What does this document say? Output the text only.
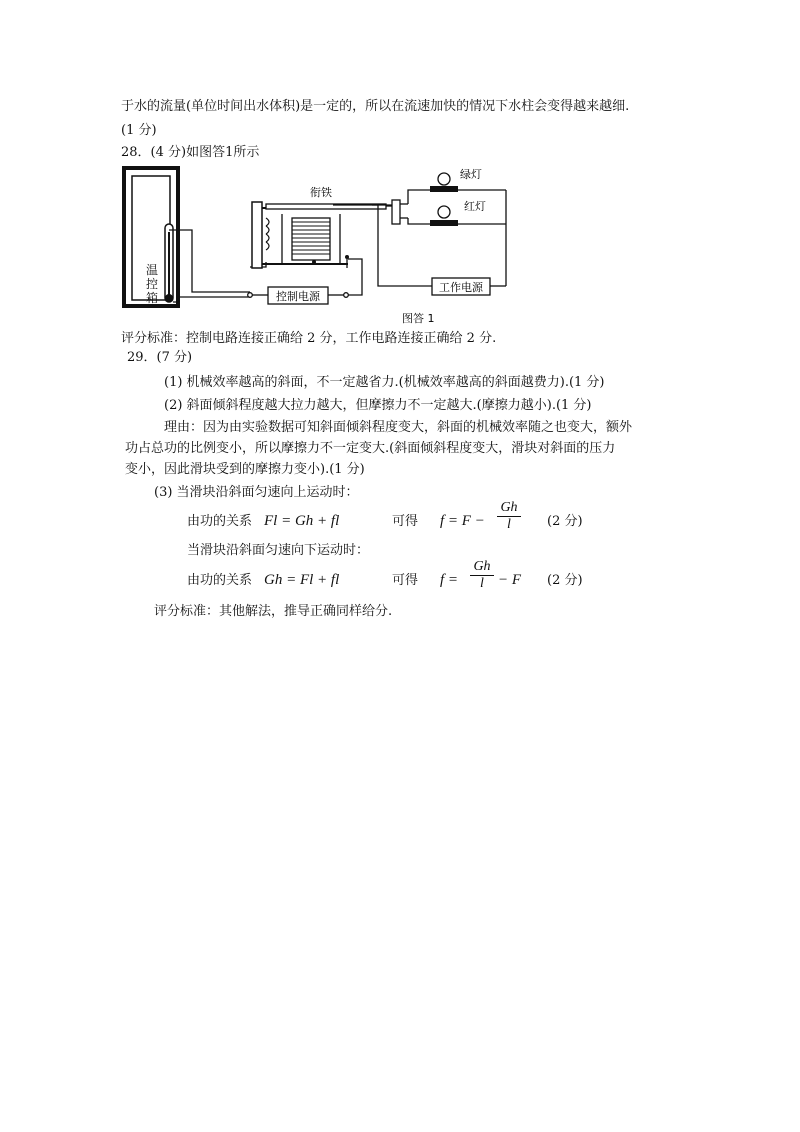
于水的流量(单位时间出水体积)是一定的，所以在流速加快的情况下水柱会变得越来越细.
(1 分)
28．(4 分)如图答1所示
温控箱	控制电源
衔铁
绿灯
红灯
工作电源
图答 1
评分标准：控制电路连接正确给 2 分，工作电路连接正确给 2 分.
29．(7 分)
(1) 机械效率越高的斜面，不一定越省力.(机械效率越高的斜面越费力).(1 分)
(2) 斜面倾斜程度越大拉力越大，但摩擦力不一定越大.(摩擦力越小).(1 分)
理由：因为由实验数据可知斜面倾斜程度变大，斜面的机械效率随之也变大，额外
功占总功的比例变小，所以摩擦力不一定变大.(斜面倾斜程度变大，滑块对斜面的压力
变小，因此滑块受到的摩擦力变小).(1 分)
(3) 当滑块沿斜面匀速向上运动时：
由功的关系 Fl = Gh + fl	可得 $f = F - \frac{Gh}{l} (2$ 分)
当滑块沿斜面匀速向下运动时：
由功的关系 Gh = Fl + fl	可得 $f = \frac{Gh}{l} - F$ (2 分)
评分标准：其他解法，推导正确同样给分.
